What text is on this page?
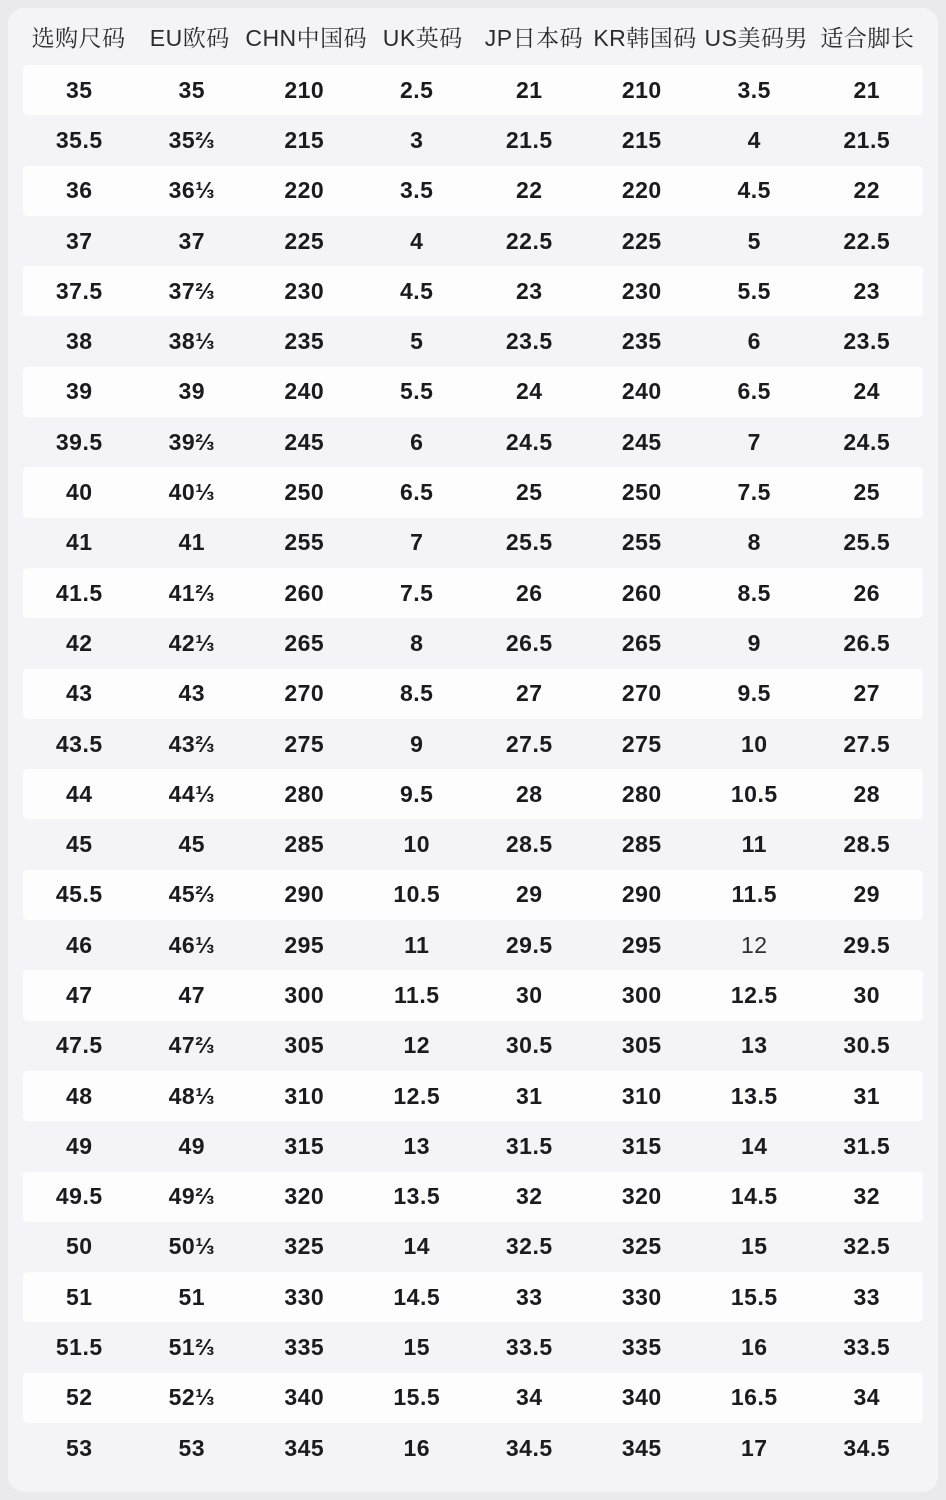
选购尺码	EU欧码 CHN中国码 UK英码 JP日本码 KR韩国码 US美码男 适合脚长
35	35	210	2.5	21	210	3.5	21
35.5	35⅔	215	3	21.5	215	4	21.5
36	36⅓	220	3.5	22	220	4.5	22
37	37	225	4	22.5	225	5	22.5
37.5	37⅔	230	4.5	23	230	5.5	23
38	38⅓	235	5	23.5	235	6	23.5
39	39	240	5.5	24	240	6.5	24
39.5	39⅔	245	6	24.5	245	7	24.5
40	40⅓	250	6.5	25	250	7.5	25
41	41	255	7	25.5	255	8	25.5
41.5	41⅔	260	7.5	26	260	8.5	26
42	42⅓	265	8	26.5	265	9	26.5
43	43	270	8.5	27	270	9.5	27
43.5	43⅔	275	9	27.5	275	10	27.5
44	44⅓	280	9.5	28	280	10.5	28
45	45	285	10	28.5	285	11	28.5
45.5	45⅔	290	10.5	29	290	11.5	29
46	46⅓	295	11	29.5	295	12	29.5
47	47	300	11.5	30	300	12.5	30
47.5	47⅔	305	12	30.5	305	13	30.5
48	48⅓	310	12.5	31	310	13.5	31
49	49	315	13	31.5	315	14	31.5
49.5	49⅔	320	13.5	32	320	14.5	32
50	50⅓	325	14	32.5	325	15	32.5
51	51	330	14.5	33	330	15.5	33
51.5	51⅔	335	15	33.5	335	16	33.5
52	52⅓	340	15.5	34	340	16.5	34
53	53	345	16	34.5	345	17	34.5
